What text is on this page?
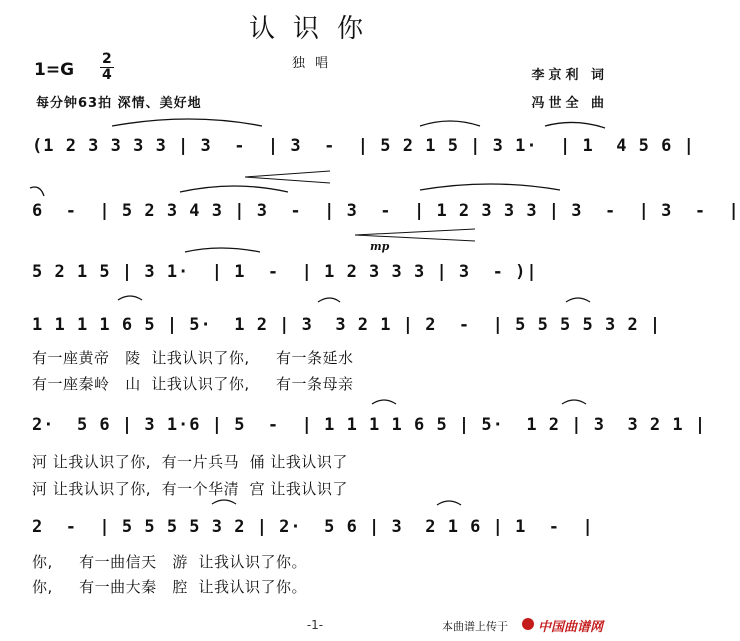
认识你
独唱
1=G
2
4
每分钟63拍 深情、美好地
李京利 词
冯世全 曲
(1 2 3 3 3 3 | 3  -  | 3  -  | 5 2 1 5 | 3 1·  | 1  4 5 6 |
6  -  | 5 2 3 4 3 | 3  -  | 3  -  | 1 2 3 3 3 | 3  -  | 3  -  |
5 2 1 5 | 3 1·  | 1  -  | 1 2 3 3 3 | 3  - )|
mp
1 1 1 1 6 5 | 5·  1 2 | 3  3 2 1 | 2  -  | 5 5 5 5 3 2 |
有一座黄帝   陵  让我认识了你,     有一条延水
有一座秦岭   山  让我认识了你,     有一条母亲
2·  5 6 | 3 1·6 | 5  -  | 1 1 1 1 6 5 | 5·  1 2 | 3  3 2 1 |
河 让我认识了你,  有一片兵马  俑 让我认识了
河 让我认识了你,  有一个华清  宫 让我认识了
2  -  | 5 5 5 5 3 2 | 2·  5 6 | 3  2 1 6 | 1  -  |
你,     有一曲信天   游  让我认识了你。
你,     有一曲大秦   腔  让我认识了你。
-1-	本曲谱上传于 中国曲谱网
